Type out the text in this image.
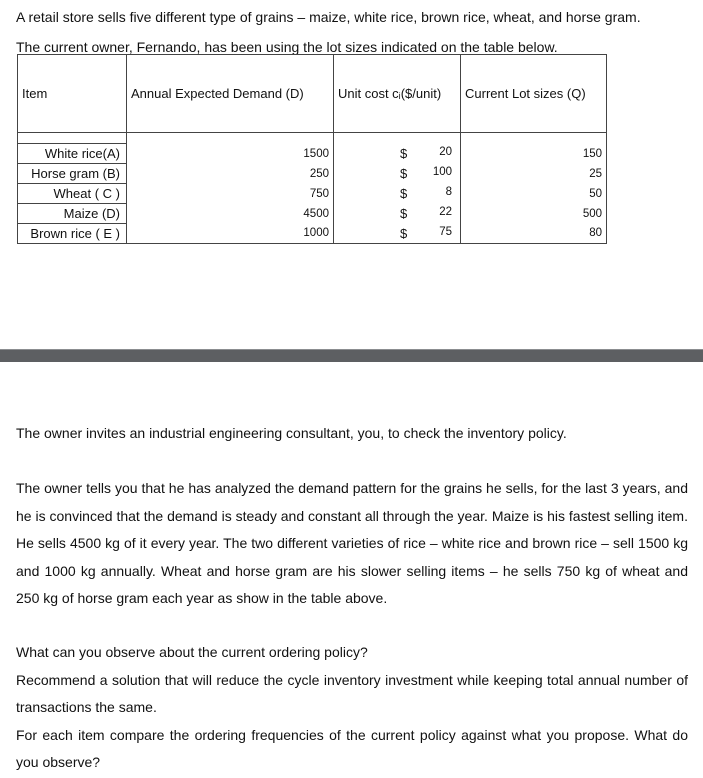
A retail store sells five different type of grains – maize, white rice, brown rice, wheat, and horse gram.

The current owner, Fernando, has been using the lot sizes indicated on the table below.

Item	Annual Expected Demand (D)	Unit cost cᵢ($/unit)	Current Lot sizes (Q)

White rice(A)	1500	$ 20	150
Horse gram (B)	250	$ 100	25
Wheat ( C )	750	$ 8	50
Maize (D)	4500	$ 22	500
Brown rice ( E )	1000	$ 75	80

The owner invites an industrial engineering consultant, you, to check the inventory policy.

The owner tells you that he has analyzed the demand pattern for the grains he sells, for the last 3 years, and he is convinced that the demand is steady and constant all through the year. Maize is his fastest selling item. He sells 4500 kg of it every year. The two different varieties of rice – white rice and brown rice – sell 1500 kg and 1000 kg annually. Wheat and horse gram are his slower selling items – he sells 750 kg of wheat and 250 kg of horse gram each year as show in the table above.

What can you observe about the current ordering policy?

Recommend a solution that will reduce the cycle inventory investment while keeping total annual number of transactions the same.

For each item compare the ordering frequencies of the current policy against what you propose. What do you observe?
